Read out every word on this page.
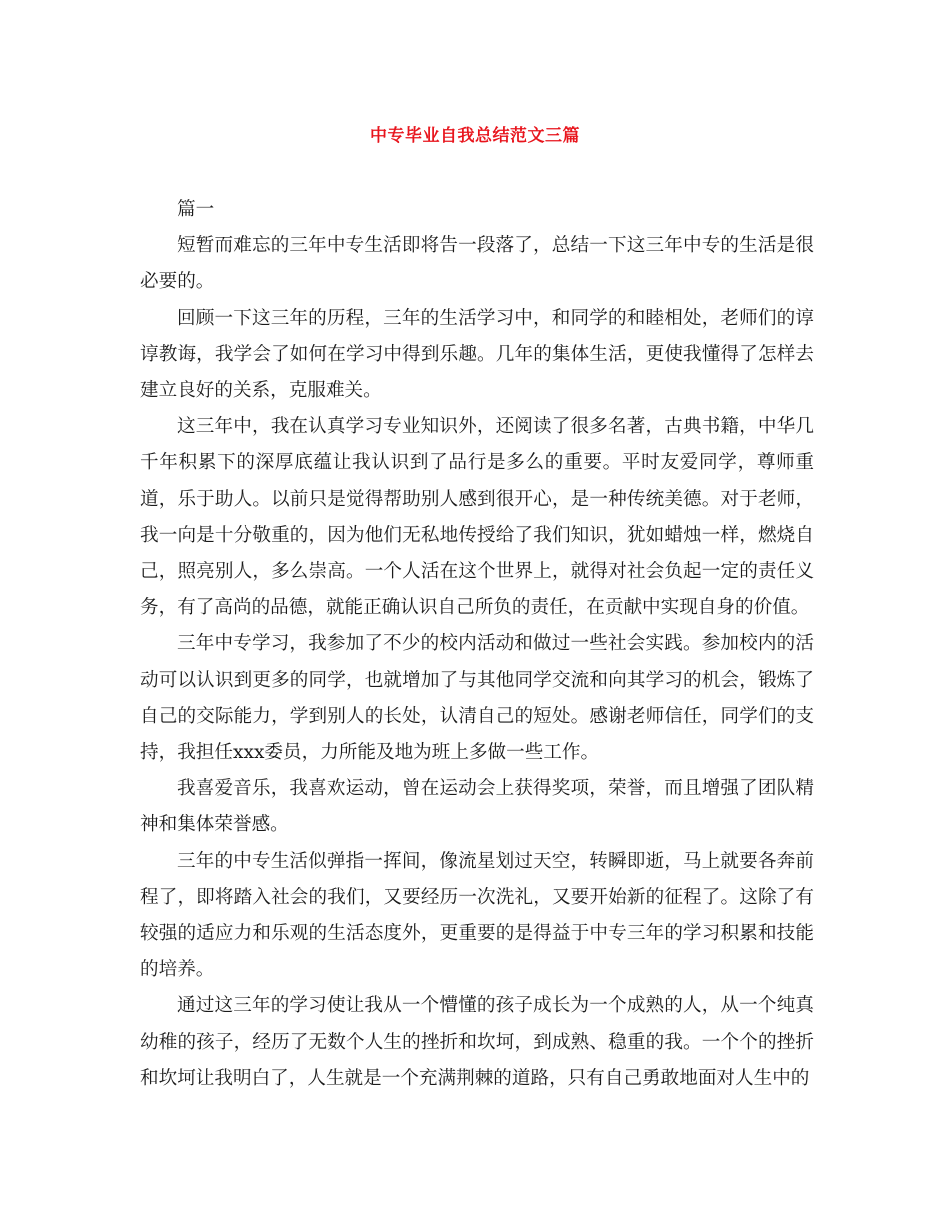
中专毕业自我总结范文三篇

篇一

短暂而难忘的三年中专生活即将告一段落了，总结一下这三年中专的生活是很必要的。

回顾一下这三年的历程，三年的生活学习中，和同学的和睦相处，老师们的谆谆教诲，我学会了如何在学习中得到乐趣。几年的集体生活，更使我懂得了怎样去建立良好的关系，克服难关。

这三年中，我在认真学习专业知识外，还阅读了很多名著，古典书籍，中华几千年积累下的深厚底蕴让我认识到了品行是多么的重要。平时友爱同学，尊师重道，乐于助人。以前只是觉得帮助别人感到很开心，是一种传统美德。对于老师，我一向是十分敬重的，因为他们无私地传授给了我们知识，犹如蜡烛一样，燃烧自己，照亮别人，多么崇高。一个人活在这个世界上，就得对社会负起一定的责任义务，有了高尚的品德，就能正确认识自己所负的责任，在贡献中实现自身的价值。

三年中专学习，我参加了不少的校内活动和做过一些社会实践。参加校内的活动可以认识到更多的同学，也就增加了与其他同学交流和向其学习的机会，锻炼了自己的交际能力，学到别人的长处，认清自己的短处。感谢老师信任，同学们的支持，我担任xxx委员，力所能及地为班上多做一些工作。

我喜爱音乐，我喜欢运动，曾在运动会上获得奖项，荣誉，而且增强了团队精神和集体荣誉感。

三年的中专生活似弹指一挥间，像流星划过天空，转瞬即逝，马上就要各奔前程了，即将踏入社会的我们，又要经历一次洗礼，又要开始新的征程了。这除了有较强的适应力和乐观的生活态度外，更重要的是得益于中专三年的学习积累和技能的培养。

通过这三年的学习使让我从一个懵懂的孩子成长为一个成熟的人，从一个纯真幼稚的孩子，经历了无数个人生的挫折和坎坷，到成熟、稳重的我。一个个的挫折和坎坷让我明白了，人生就是一个充满荆棘的道路，只有自己勇敢地面对人生中的
